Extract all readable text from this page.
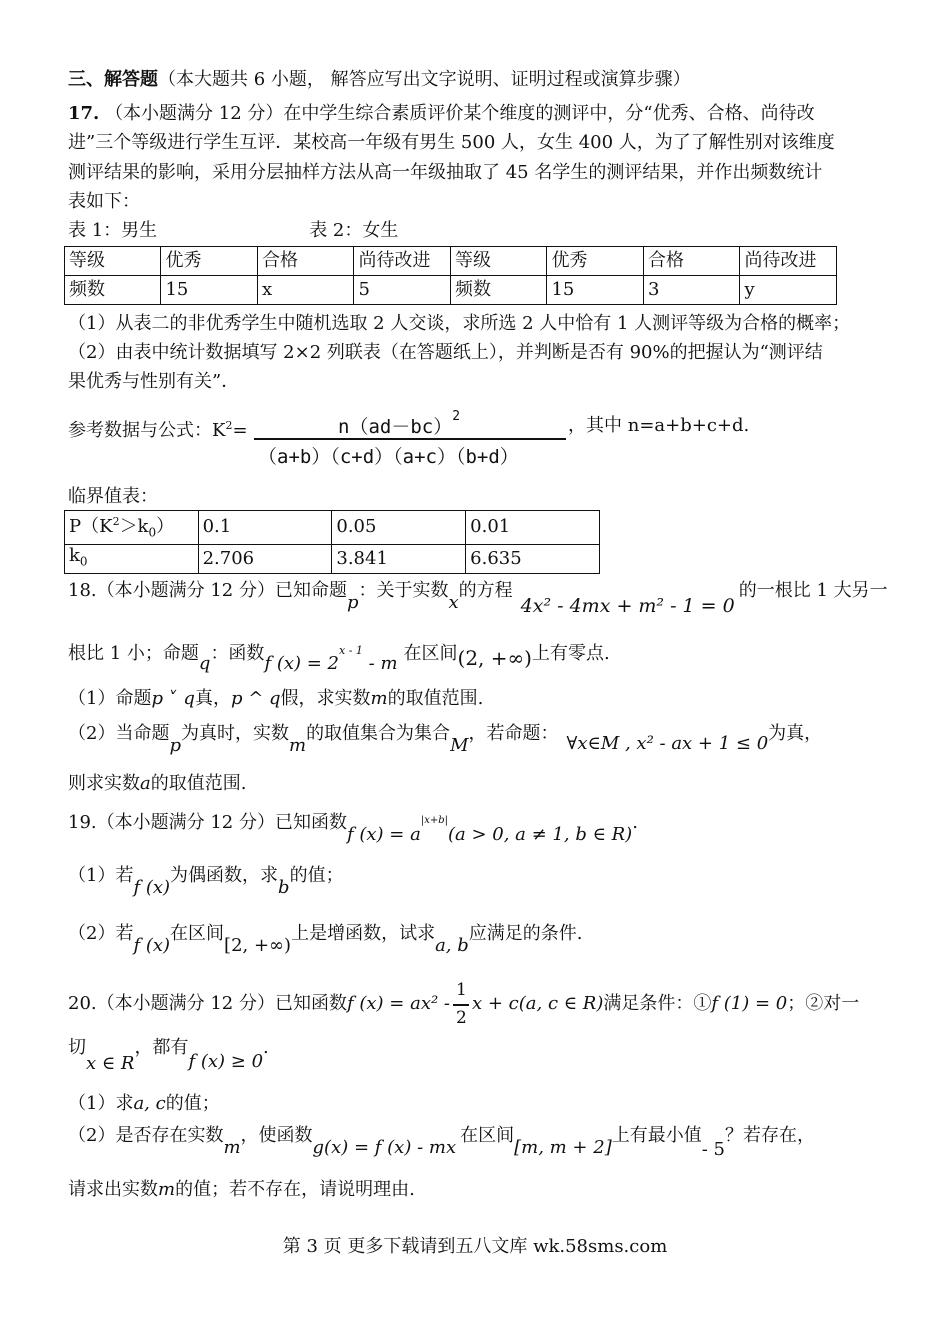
三、解答题（本大题共 6 小题， 解答应写出文字说明、证明过程或演算步骤）
17. （本小题满分 12 分）在中学生综合素质评价某个维度的测评中，分“优秀、合格、尚待改
进”三个等级进行学生互评．某校高一年级有男生 500 人，女生 400 人，为了了解性别对该维度
测评结果的影响，采用分层抽样方法从高一年级抽取了 45 名学生的测评结果，并作出频数统计
表如下：
表 1：男生	表 2：女生
等级	优秀	合格	尚待改进	等级	优秀	合格	尚待改进
频数	15	x	5	频数	15	3	y
（1）从表二的非优秀学生中随机选取 2 人交谈，求所选 2 人中恰有 1 人测评等级为合格的概率；
（2）由表中统计数据填写 2×2 列联表（在答题纸上），并判断是否有 90%的把握认为“测评结
果优秀与性别有关”．
参考数据与公式：$K^2=$	$n(ad-bc)^2$
（a+b）（c+d）（a+c）（b+d）
，其中 n=a+b+c+d.
临界值表：
$P(K^2>k_0)$	0.1	0.05	0.01
$k_0$	2.706	3.841	6.635
18.（本小题满分 12 分）已知命题p：关于实数x的方程4x² - 4mx + m² - 1 = 0的一根比 1 大另一
根比 1 小；命题q：函数f $(x) = 2^{x - 1} - m$ 在区间(2, +∞)上有零点.
（1）命题p ˅ q真，p ^ q假，求实数m的取值范围.
（2）当命题p为真时，实数m的取值集合为集合M，若命题： ∀x∈M , x² - ax + 1 ≤ 0为真，
则求实数a的取值范围.
19.（本小题满分 12 分）已知函数f $(x) = a^{|x+b|}(a > 0$, a ≠ 1, b ∈ R).
（1）若f (x)为偶函数，求b的值；
（2）若f (x)在区间[2, +∞)上是增函数，试求a, b应满足的条件.
20.（本小题满分 12 分）已知函数f $(x) = ax^2 - \frac{1}{2}$ x + c(a, c ∈ R)满足条件：①f (1) = 0；②对一
切x ∈ R，都有f (x) ≥ 0.
（1）求a, c的值；
（2）是否存在实数m，使函数g(x) = f (x) - mx在区间[m, m + 2]上有最小值- 5？若存在，
请求出实数m的值；若不存在，请说明理由.
第 3 页 更多下载请到五八文库 wk.58sms.com
